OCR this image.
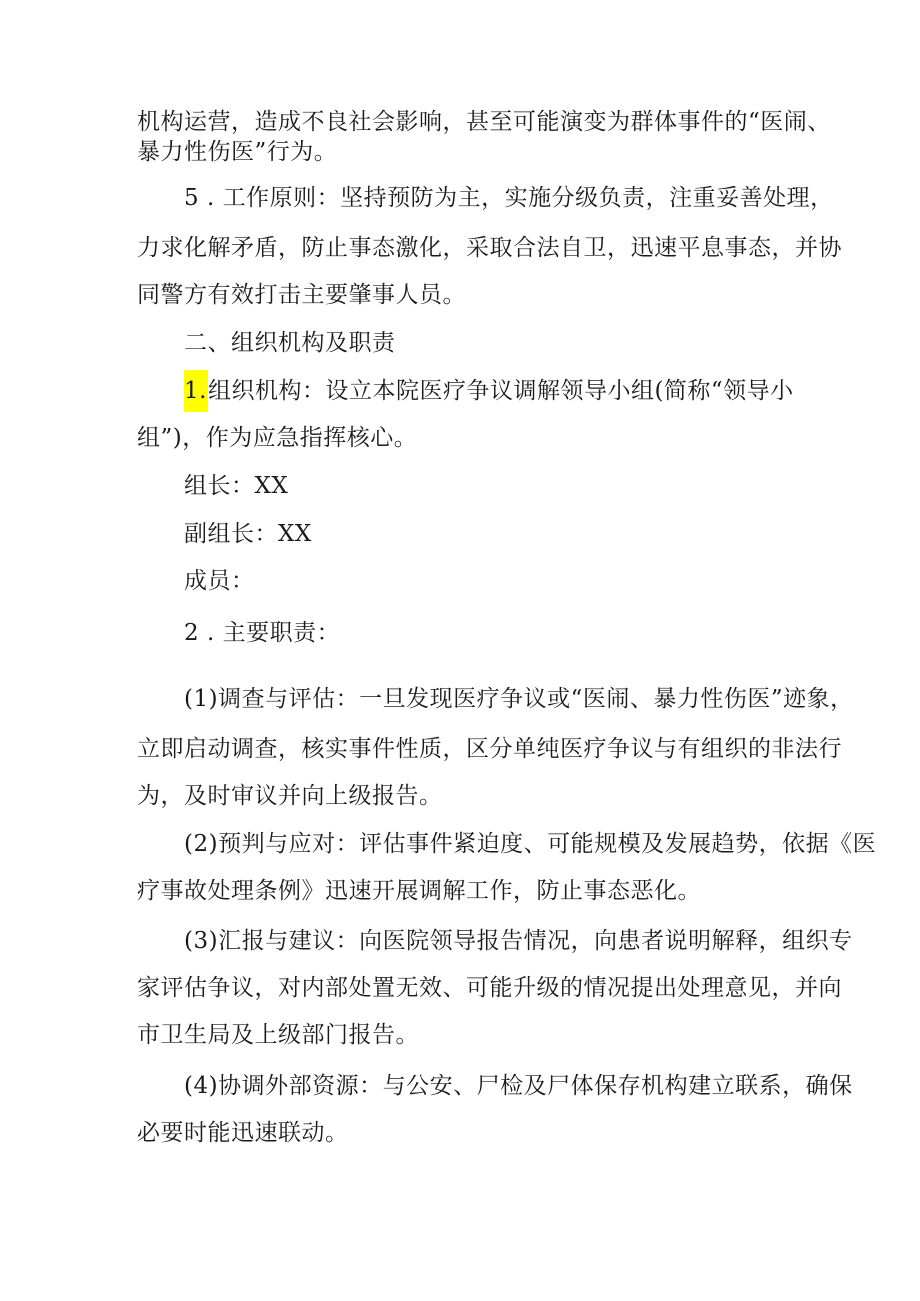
机构运营，造成不良社会影响，甚至可能演变为群体事件的“医闹、
暴力性伤医”行为。
5 . 工作原则：坚持预防为主，实施分级负责，注重妥善处理，
力求化解矛盾，防止事态激化，采取合法自卫，迅速平息事态，并协
同警方有效打击主要肇事人员。
二、组织机构及职责
1.组织机构：设立本院医疗争议调解领导小组(简称“领导小
组”)，作为应急指挥核心。
组长：XX
副组长：XX
成员：
2 . 主要职责：
(1)调查与评估：一旦发现医疗争议或“医闹、暴力性伤医”迹象，
立即启动调查，核实事件性质，区分单纯医疗争议与有组织的非法行
为，及时审议并向上级报告。
(2)预判与应对：评估事件紧迫度、可能规模及发展趋势，依据《医
疗事故处理条例》迅速开展调解工作，防止事态恶化。
(3)汇报与建议：向医院领导报告情况，向患者说明解释，组织专
家评估争议，对内部处置无效、可能升级的情况提出处理意见，并向
市卫生局及上级部门报告。
(4)协调外部资源：与公安、尸检及尸体保存机构建立联系，确保
必要时能迅速联动。
